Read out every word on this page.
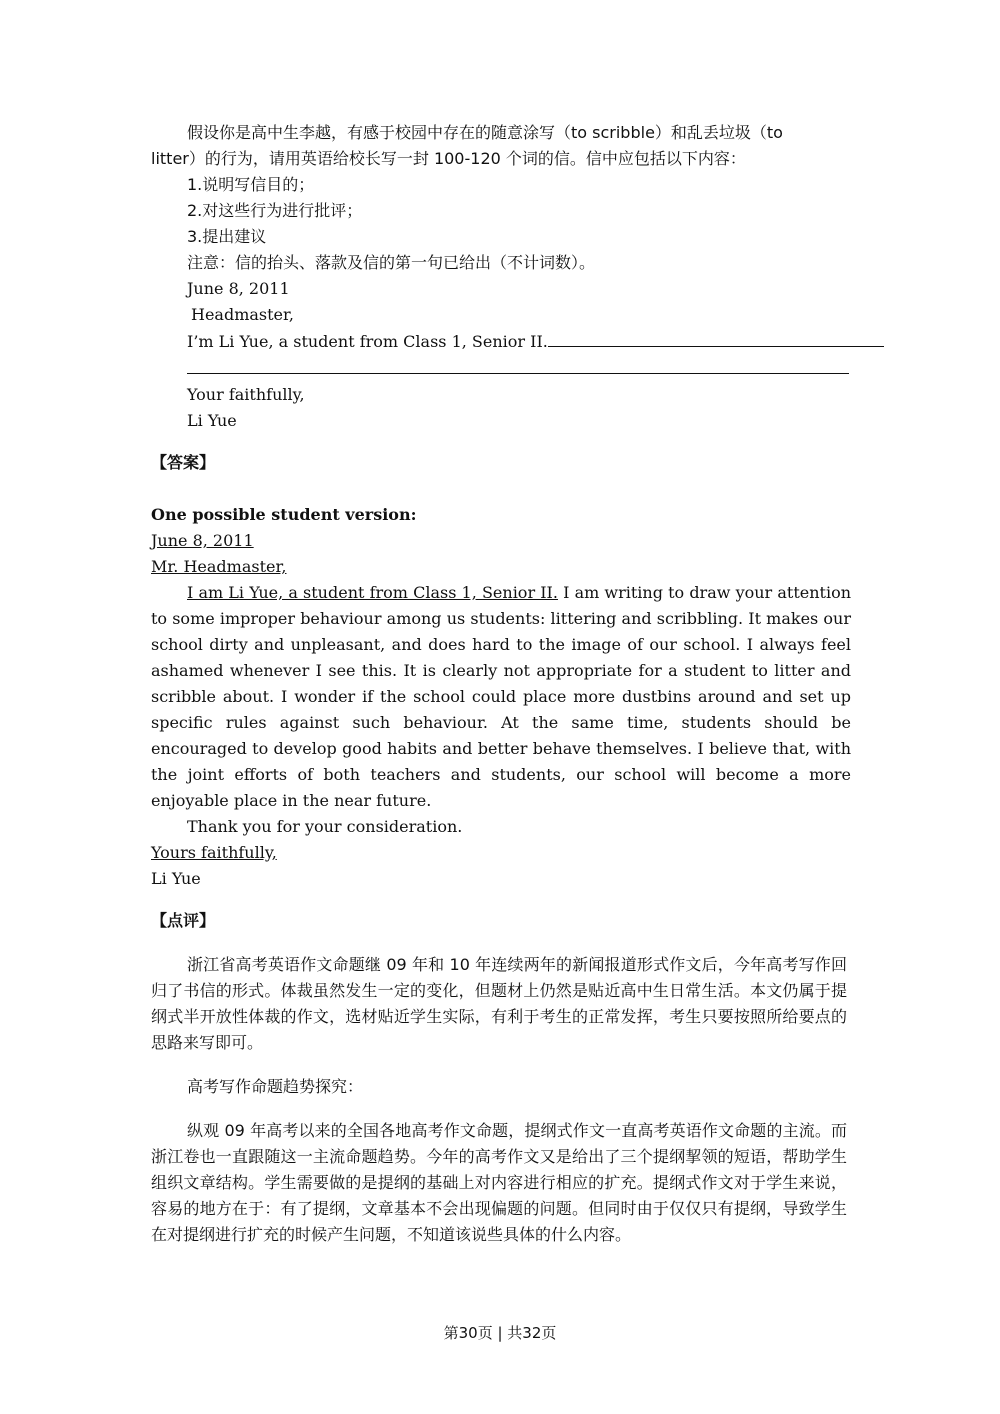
假设你是高中生李越，有感于校园中存在的随意涂写（to scribble）和乱丢垃圾（to
litter）的行为，请用英语给校长写一封 100-120 个词的信。信中应包括以下内容：
1.说明写信目的；
2.对这些行为进行批评；
3.提出建议
注意：信的抬头、落款及信的第一句已给出（不计词数）。
June 8, 2011
Headmaster,
I’m Li Yue, a student from Class 1, Senior II.
Your faithfully,
Li Yue
【答案】
One possible student version:
June 8, 2011
Mr. Headmaster,
I am Li Yue, a student from Class 1, Senior II. I am writing to draw your attention to some improper behaviour among us students: littering and scribbling. It makes our school dirty and unpleasant, and does hard to the image of our school. I always feel ashamed whenever I see this. It is clearly not appropriate for a student to litter and scribble about. I wonder if the school could place more dustbins around and set up specific rules against such behaviour. At the same time, students should be encouraged to develop good habits and better behave themselves. I believe that, with the joint efforts of both teachers and students, our school will become a more enjoyable place in the near future.
Thank you for your consideration.
Yours faithfully,
Li Yue
【点评】
浙江省高考英语作文命题继 09 年和 10 年连续两年的新闻报道形式作文后，今年高考写作回归了书信的形式。体裁虽然发生一定的变化，但题材上仍然是贴近高中生日常生活。本文仍属于提纲式半开放性体裁的作文，选材贴近学生实际，有利于考生的正常发挥，考生只要按照所给要点的思路来写即可。
高考写作命题趋势探究：
纵观 09 年高考以来的全国各地高考作文命题，提纲式作文一直高考英语作文命题的主流。而浙江卷也一直跟随这一主流命题趋势。今年的高考作文又是给出了三个提纲挈领的短语，帮助学生组织文章结构。学生需要做的是提纲的基础上对内容进行相应的扩充。提纲式作文对于学生来说，容易的地方在于：有了提纲，文章基本不会出现偏题的问题。但同时由于仅仅只有提纲，导致学生在对提纲进行扩充的时候产生问题，不知道该说些具体的什么内容。
第30页 | 共32页
